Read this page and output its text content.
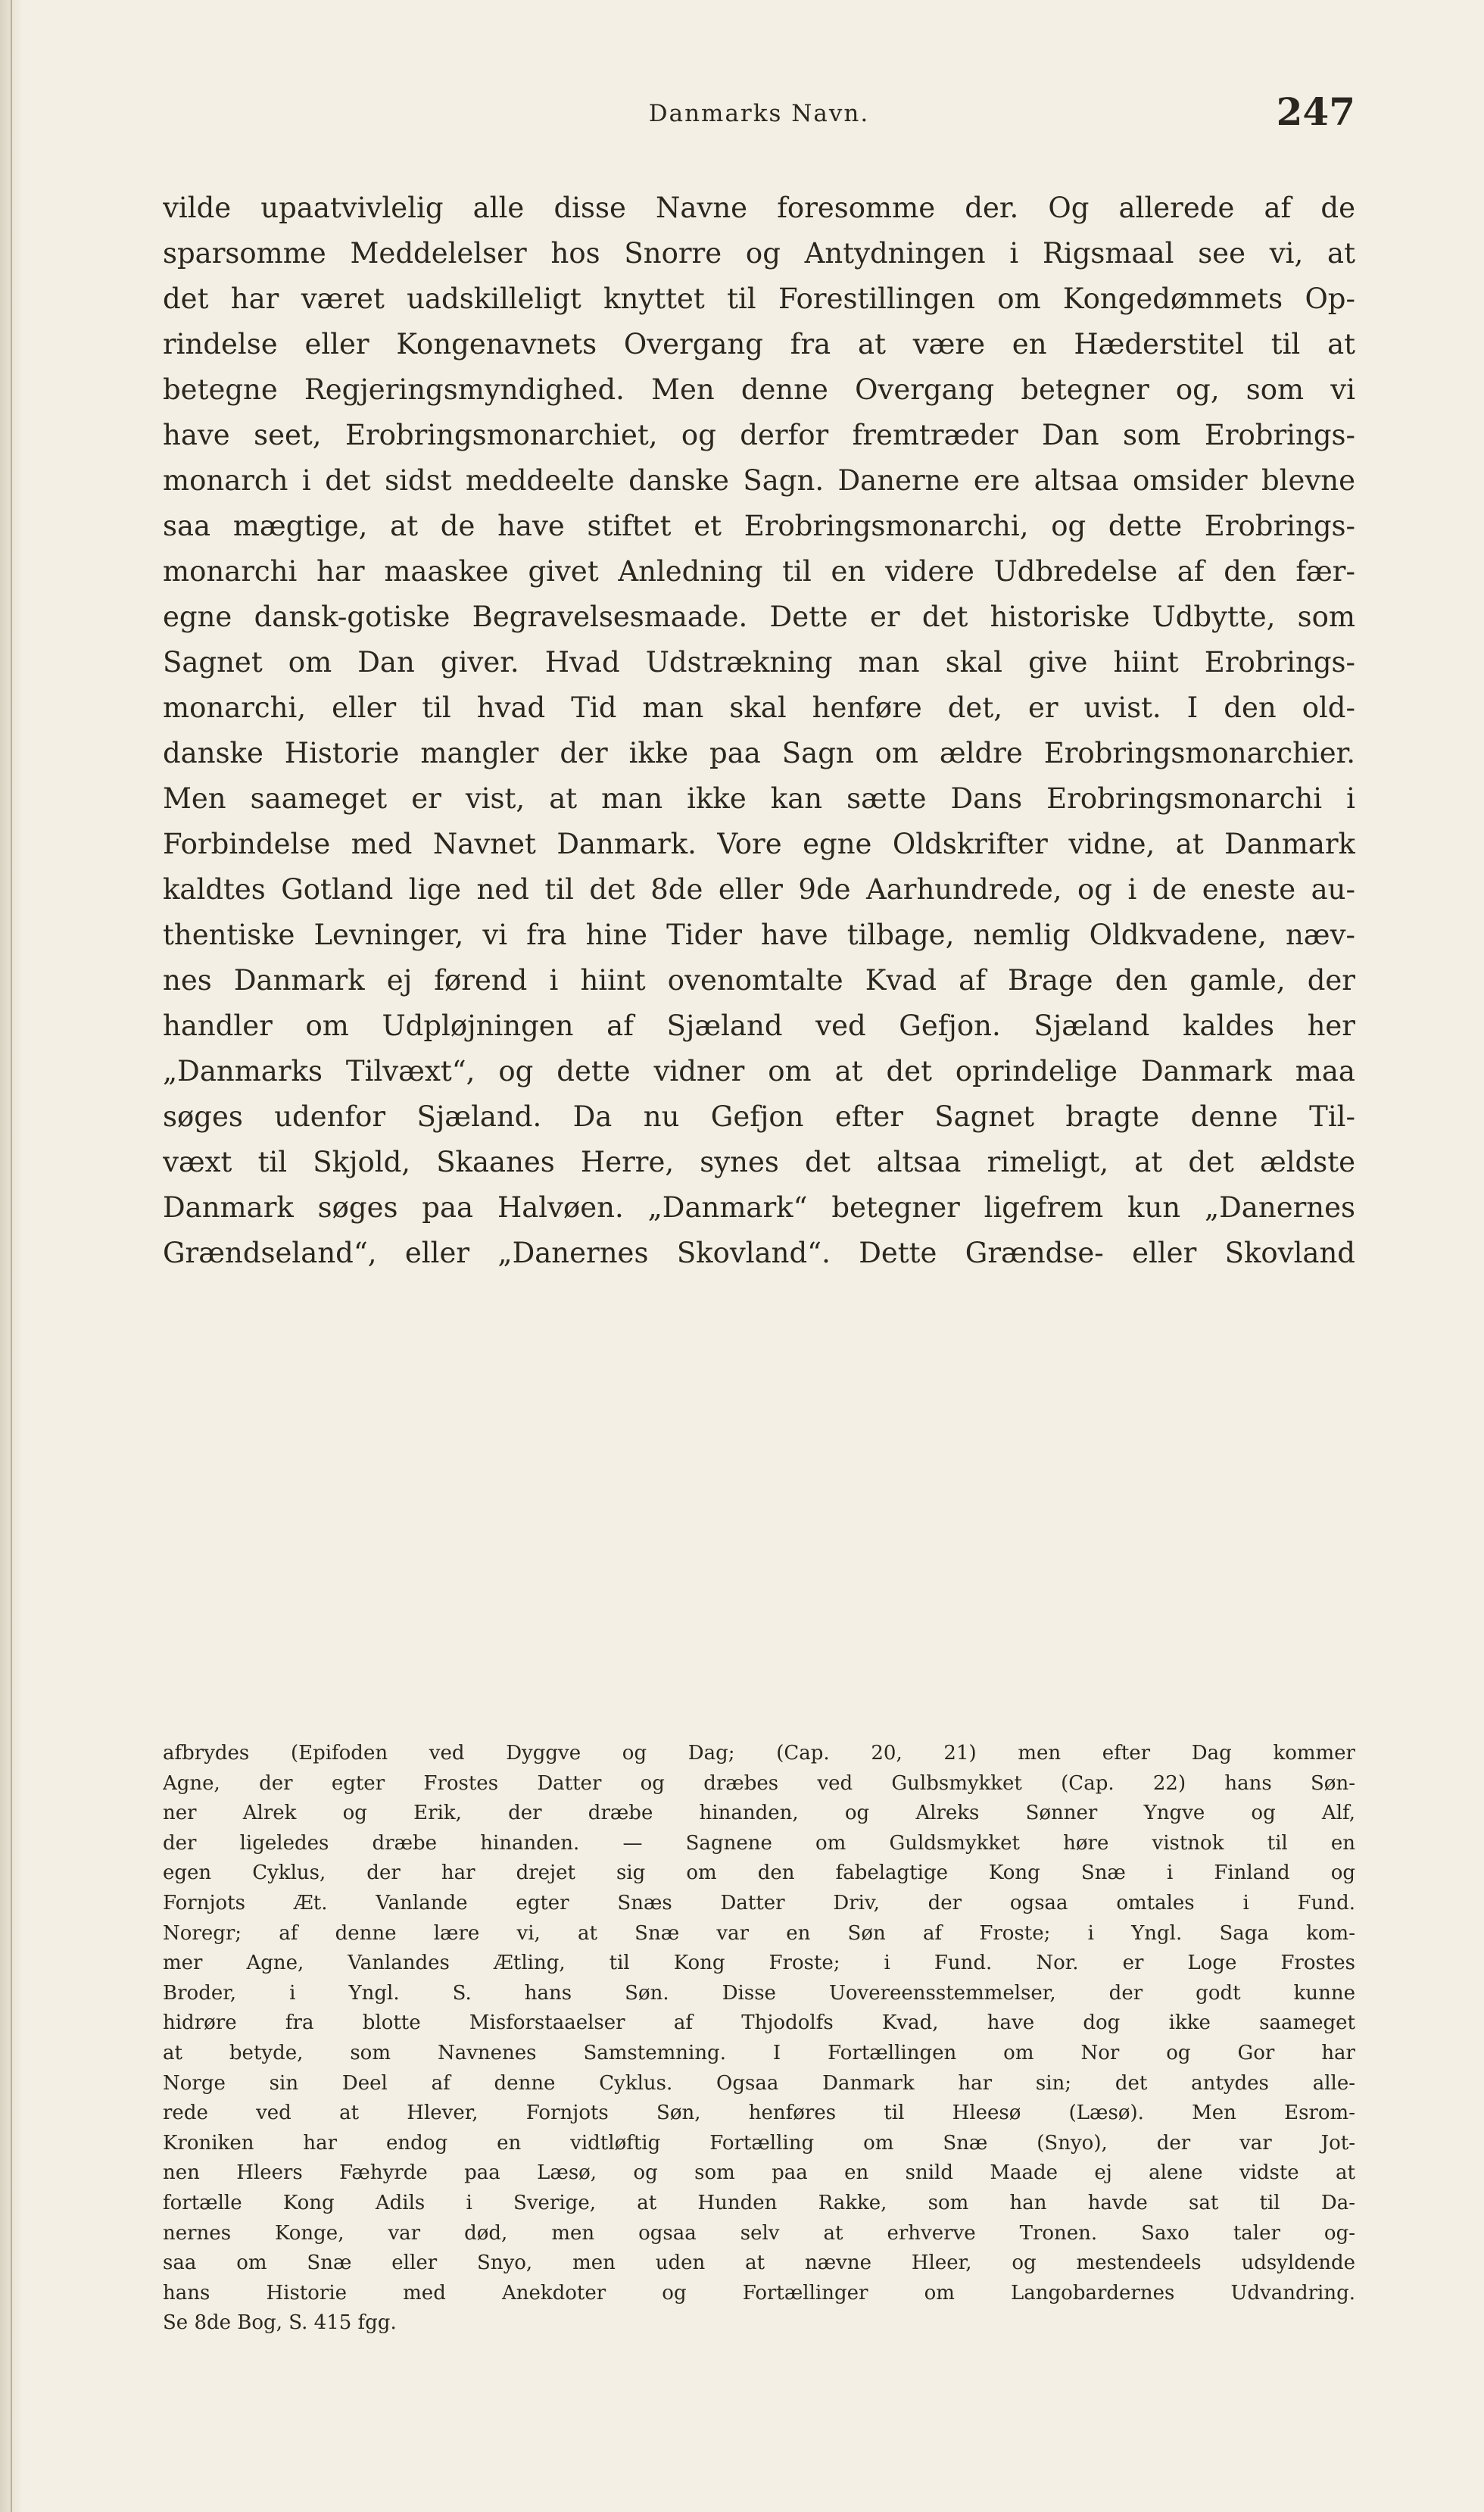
Danmarks Navn.	247
vilde upaatvivlelig alle disse Navne foresomme der. Og allerede af de
sparsomme Meddelelser hos Snorre og Antydningen i Rigsmaal see vi, at
det har været uadskilleligt knyttet til Forestillingen om Kongedømmets Op-
rindelse eller Kongenavnets Overgang fra at være en Hæderstitel til at
betegne Regjeringsmyndighed. Men denne Overgang betegner og, som vi
have seet, Erobringsmonarchiet, og derfor fremtræder Dan som Erobrings-
monarch i det sidst meddeelte danske Sagn. Danerne ere altsaa omsider blevne
saa mægtige, at de have stiftet et Erobringsmonarchi, og dette Erobrings-
monarchi har maaskee givet Anledning til en videre Udbredelse af den fær-
egne dansk-gotiske Begravelsesmaade. Dette er det historiske Udbytte, som
Sagnet om Dan giver. Hvad Udstrækning man skal give hiint Erobrings-
monarchi, eller til hvad Tid man skal henføre det, er uvist. I den old-
danske Historie mangler der ikke paa Sagn om ældre Erobringsmonarchier.
Men saameget er vist, at man ikke kan sætte Dans Erobringsmonarchi i
Forbindelse med Navnet Danmark. Vore egne Oldskrifter vidne, at Danmark
kaldtes Gotland lige ned til det 8de eller 9de Aarhundrede, og i de eneste au-
thentiske Levninger, vi fra hine Tider have tilbage, nemlig Oldkvadene, næv-
nes Danmark ej førend i hiint ovenomtalte Kvad af Brage den gamle, der
handler om Udpløjningen af Sjæland ved Gefjon. Sjæland kaldes her
„Danmarks Tilvæxt“, og dette vidner om at det oprindelige Danmark maa
søges udenfor Sjæland. Da nu Gefjon efter Sagnet bragte denne Til-
væxt til Skjold, Skaanes Herre, synes det altsaa rimeligt, at det ældste
Danmark søges paa Halvøen. „Danmark“ betegner ligefrem kun „Danernes
Grændseland“, eller „Danernes Skovland“. Dette Grændse- eller Skovland
afbrydes (Epifoden ved Dyggve og Dag; (Cap. 20, 21) men efter Dag kommer
Agne, der egter Frostes Datter og dræbes ved Gulbsmykket (Cap. 22) hans Søn-
ner Alrek og Erik, der dræbe hinanden, og Alreks Sønner Yngve og Alf,
der ligeledes dræbe hinanden. — Sagnene om Guldsmykket høre vistnok til en
egen Cyklus, der har drejet sig om den fabelagtige Kong Snæ i Finland og
Fornjots Æt. Vanlande egter Snæs Datter Driv, der ogsaa omtales i Fund.
Noregr; af denne lære vi, at Snæ var en Søn af Froste; i Yngl. Saga kom-
mer Agne, Vanlandes Ætling, til Kong Froste; i Fund. Nor. er Loge Frostes
Broder, i Yngl. S. hans Søn. Disse Uovereensstemmelser, der godt kunne
hidrøre fra blotte Misforstaaelser af Thjodolfs Kvad, have dog ikke saameget
at betyde, som Navnenes Samstemning. I Fortællingen om Nor og Gor har
Norge sin Deel af denne Cyklus. Ogsaa Danmark har sin; det antydes alle-
rede ved at Hlever, Fornjots Søn, henføres til Hleesø (Læsø). Men Esrom-
Kroniken har endog en vidtløftig Fortælling om Snæ (Snyo), der var Jot-
nen Hleers Fæhyrde paa Læsø, og som paa en snild Maade ej alene vidste at
fortælle Kong Adils i Sverige, at Hunden Rakke, som han havde sat til Da-
nernes Konge, var død, men ogsaa selv at erhverve Tronen. Saxo taler og-
saa om Snæ eller Snyo, men uden at nævne Hleer, og mestendeels udsyldende
hans Historie med Anekdoter og Fortællinger om Langobardernes Udvandring.
Se 8de Bog, S. 415 fgg.
